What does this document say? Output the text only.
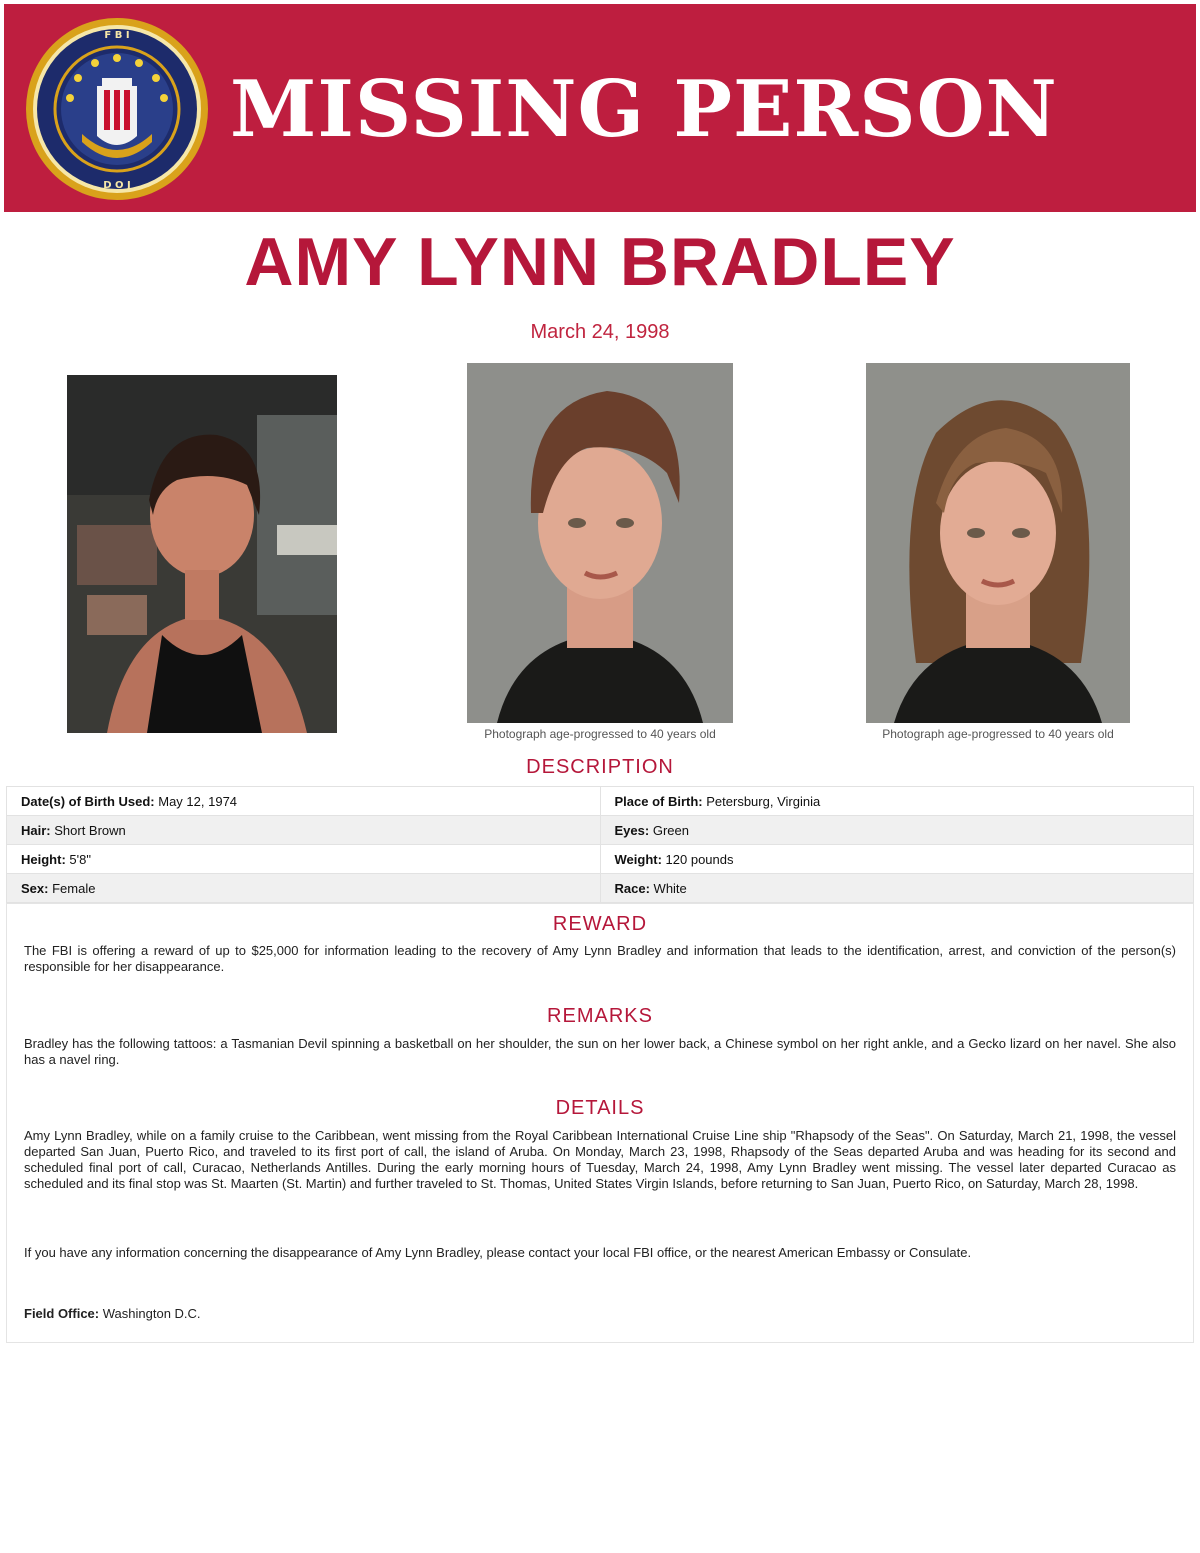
F B I
D O J
MISSING PERSON
AMY LYNN BRADLEY
March 24, 1998
Photograph age-progressed to 40 years old	Photograph age-progressed to 40 years old
DESCRIPTION
Date(s) of Birth Used: May 12, 1974	Place of Birth: Petersburg, Virginia
Hair: Short Brown	Eyes: Green
Height: 5'8"	Weight: 120 pounds
Sex: Female	Race: White
REWARD
The FBI is offering a reward of up to $25,000 for information leading to the recovery of Amy Lynn Bradley and information that leads to the identification, arrest, and conviction of the person(s) responsible for her disappearance.
REMARKS
Bradley has the following tattoos: a Tasmanian Devil spinning a basketball on her shoulder, the sun on her lower back, a Chinese symbol on her right ankle, and a Gecko lizard on her navel. She also has a navel ring.
DETAILS
Amy Lynn Bradley, while on a family cruise to the Caribbean, went missing from the Royal Caribbean International Cruise Line ship "Rhapsody of the Seas". On Saturday, March 21, 1998, the vessel departed San Juan, Puerto Rico, and traveled to its first port of call, the island of Aruba. On Monday, March 23, 1998, Rhapsody of the Seas departed Aruba and was heading for its second and scheduled final port of call, Curacao, Netherlands Antilles. During the early morning hours of Tuesday, March 24, 1998, Amy Lynn Bradley went missing. The vessel later departed Curacao as scheduled and its final stop was St. Maarten (St. Martin) and further traveled to St. Thomas, United States Virgin Islands, before returning to San Juan, Puerto Rico, on Saturday, March 28, 1998.
If you have any information concerning the disappearance of Amy Lynn Bradley, please contact your local FBI office, or the nearest American Embassy or Consulate.
Field Office: Washington D.C.
